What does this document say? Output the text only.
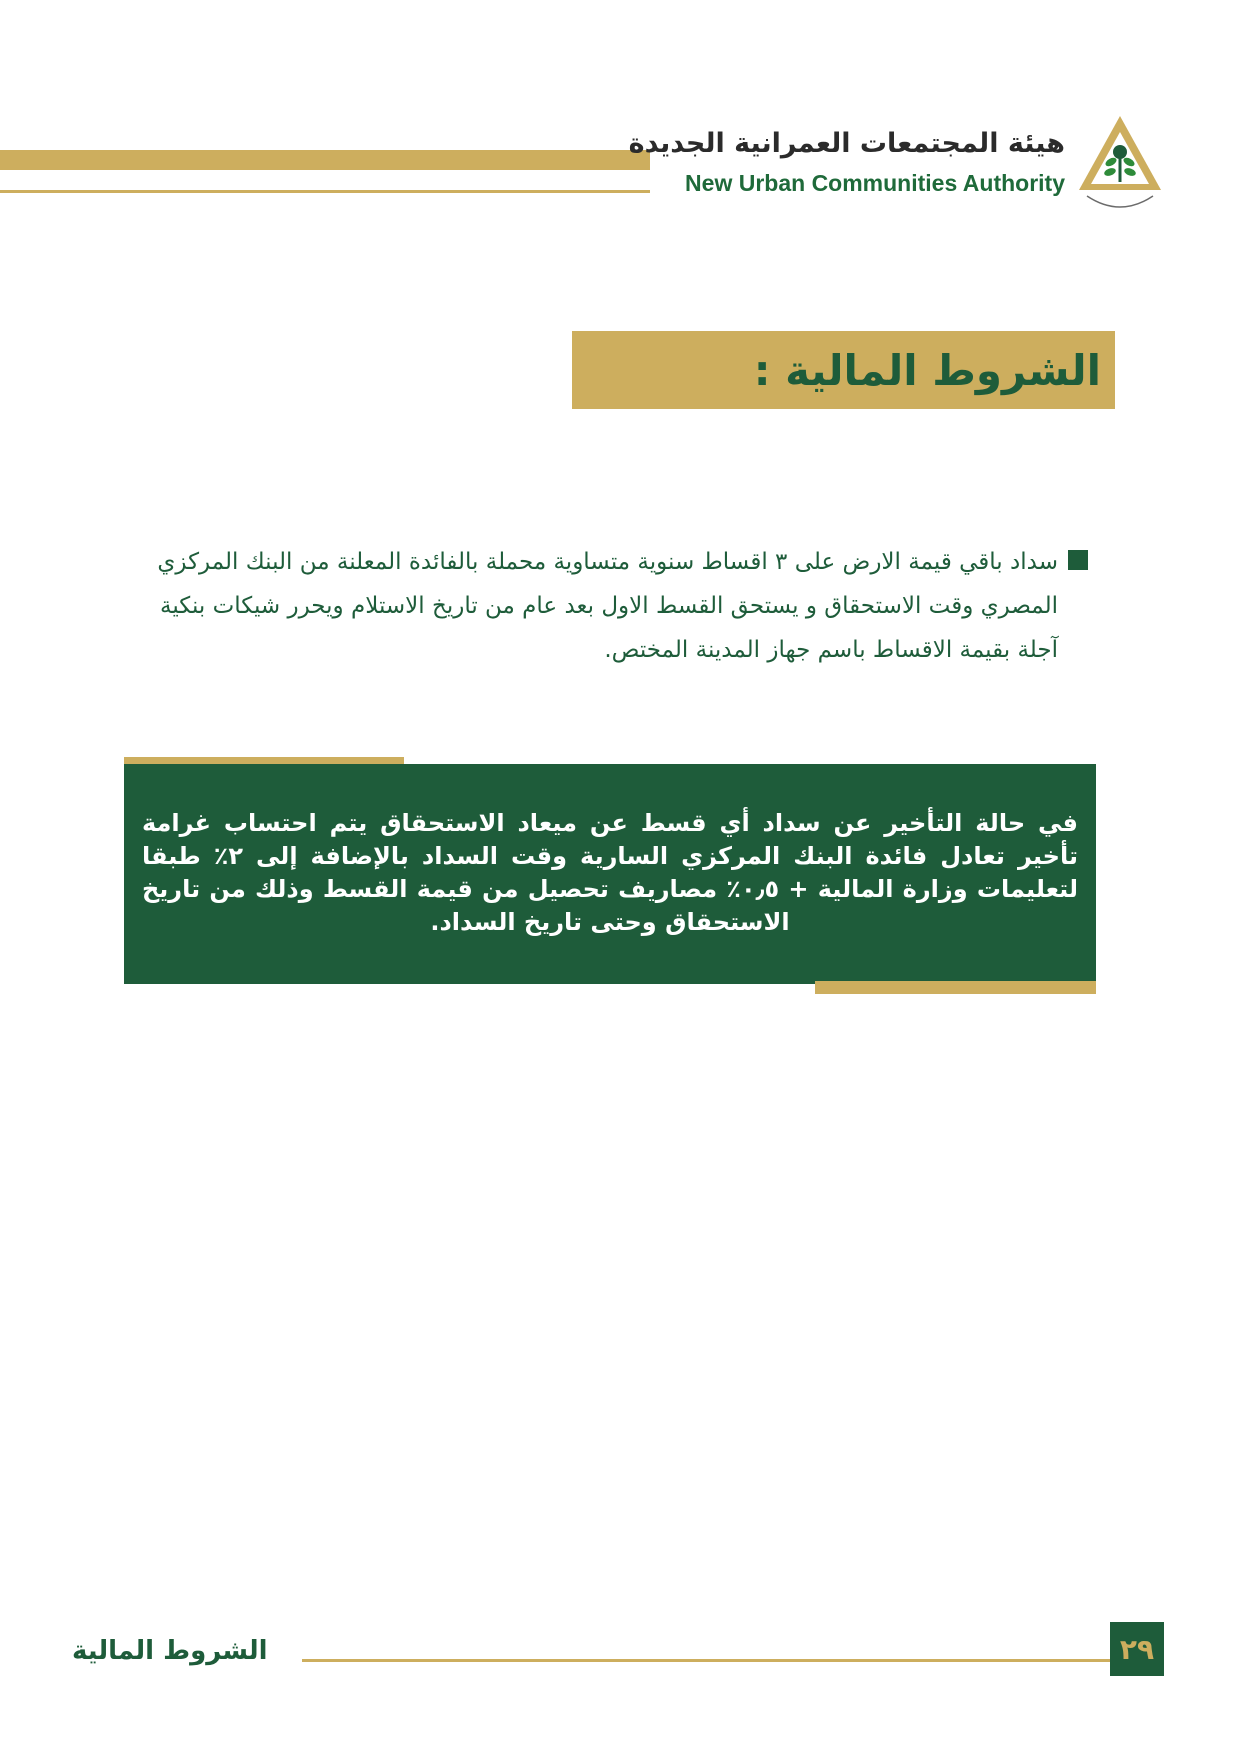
هيئة المجتمعات العمرانية الجديدة
New Urban Communities Authority
الشروط المالية :
سداد باقي قيمة الارض على ٣ اقساط سنوية متساوية محملة بالفائدة المعلنة من البنك المركزي المصري وقت الاستحقاق و يستحق القسط الاول بعد عام من تاريخ الاستلام ويحرر شيكات بنكية آجلة بقيمة الاقساط باسم جهاز المدينة المختص.
في حالة التأخير عن سداد أي قسط عن ميعاد الاستحقاق يتم احتساب غرامة تأخير تعادل فائدة البنك المركزي السارية وقت السداد بالإضافة إلى ٢٪ طبقا لتعليمات وزارة المالية + ٠٫٥٪ مصاريف تحصيل من قيمة القسط وذلك من تاريخ الاستحقاق وحتى تاريخ السداد.
الشروط المالية	٢٩
